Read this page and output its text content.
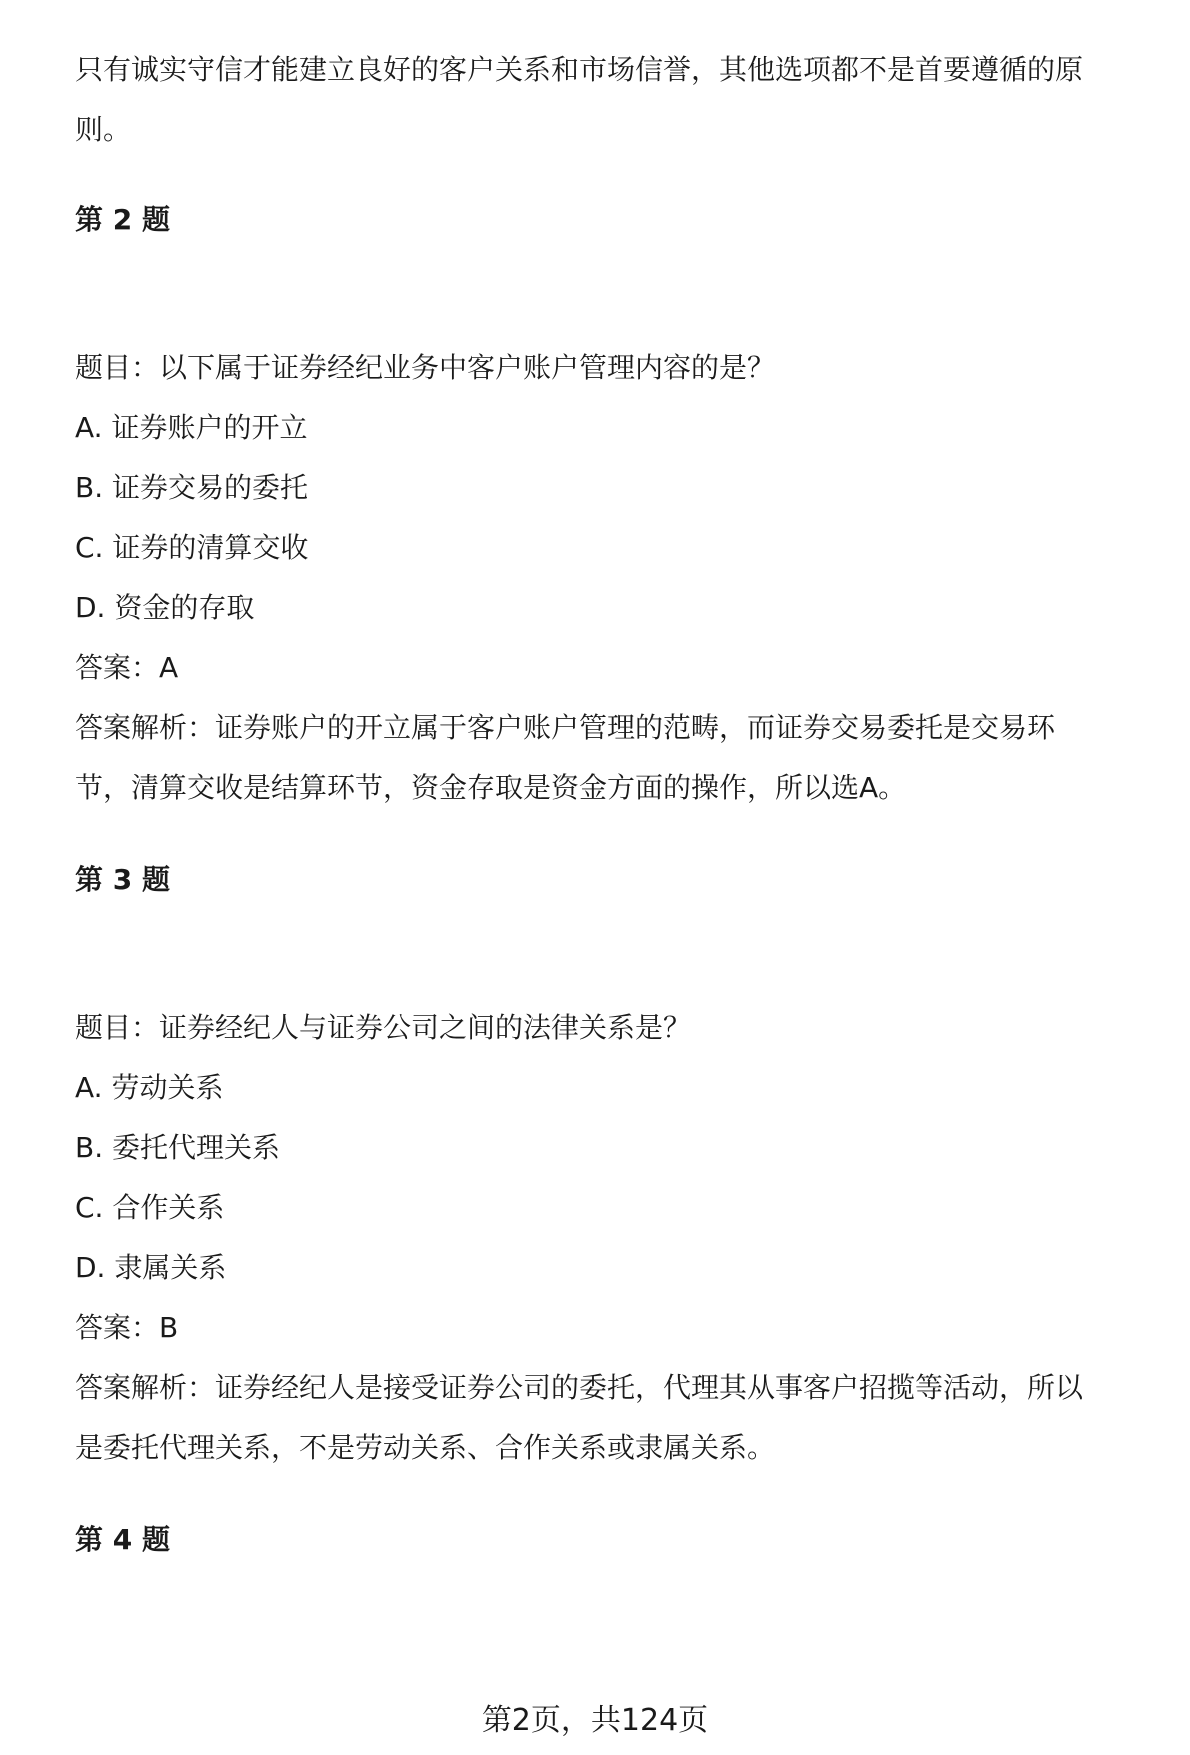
只有诚实守信才能建立良好的客户关系和市场信誉，其他选项都不是首要遵循的原
则。
第 2 题
题目：以下属于证券经纪业务中客户账户管理内容的是？
A. 证券账户的开立
B. 证券交易的委托
C. 证券的清算交收
D. 资金的存取
答案：A
答案解析：证券账户的开立属于客户账户管理的范畴，而证券交易委托是交易环
节，清算交收是结算环节，资金存取是资金方面的操作，所以选A。
第 3 题
题目：证券经纪人与证券公司之间的法律关系是？
A. 劳动关系
B. 委托代理关系
C. 合作关系
D. 隶属关系
答案：B
答案解析：证券经纪人是接受证券公司的委托，代理其从事客户招揽等活动，所以
是委托代理关系，不是劳动关系、合作关系或隶属关系。
第 4 题
第2页，共124页
